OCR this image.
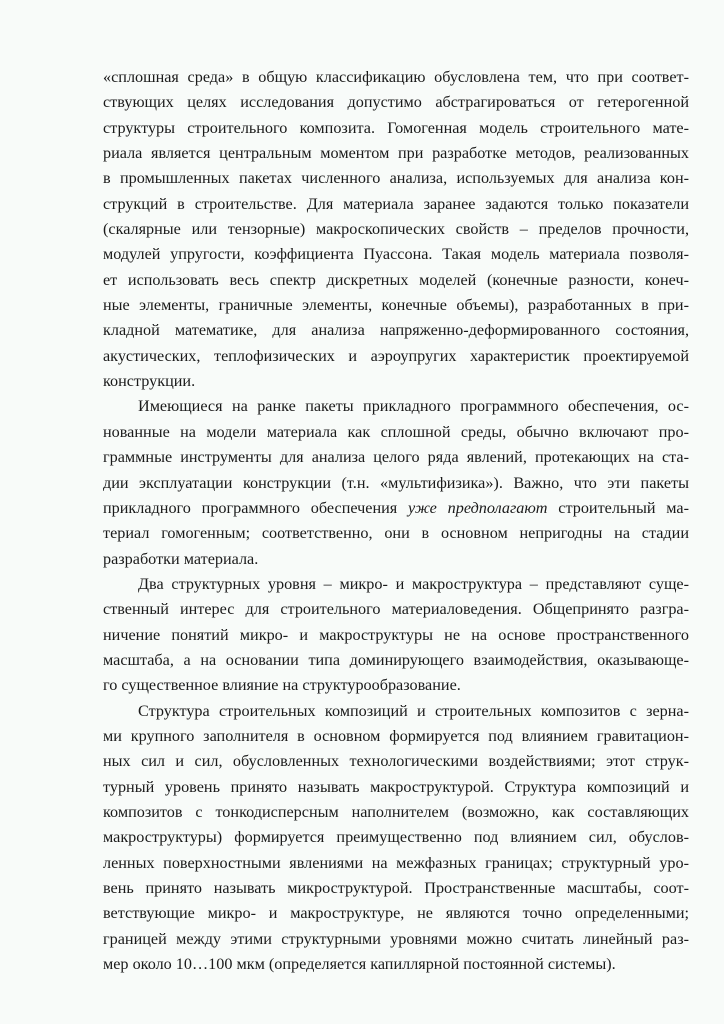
«сплошная среда» в общую классификацию обусловлена тем, что при соответ-
ствующих целях исследования допустимо абстрагироваться от гетерогенной
структуры строительного композита. Гомогенная модель строительного мате-
риала является центральным моментом при разработке методов, реализованных
в промышленных пакетах численного анализа, используемых для анализа кон-
струкций в строительстве. Для материала заранее задаются только показатели
(скалярные или тензорные) макроскопических свойств – пределов прочности,
модулей упругости, коэффициента Пуассона. Такая модель материала позволя-
ет использовать весь спектр дискретных моделей (конечные разности, конеч-
ные элементы, граничные элементы, конечные объемы), разработанных в при-
кладной математике, для анализа напряженно-деформированного состояния,
акустических, теплофизических и аэроупругих характеристик проектируемой
конструкции.
Имеющиеся на ранке пакеты прикладного программного обеспечения, ос-
нованные на модели материала как сплошной среды, обычно включают про-
граммные инструменты для анализа целого ряда явлений, протекающих на ста-
дии эксплуатации конструкции (т.н. «мультифизика»). Важно, что эти пакеты
прикладного программного обеспечения уже предполагают строительный ма-
териал гомогенным; соответственно, они в основном непригодны на стадии
разработки материала.
Два структурных уровня – микро- и макроструктура – представляют суще-
ственный интерес для строительного материаловедения. Общепринято разгра-
ничение понятий микро- и макроструктуры не на основе пространственного
масштаба, а на основании типа доминирующего взаимодействия, оказывающе-
го существенное влияние на структурообразование.
Структура строительных композиций и строительных композитов с зерна-
ми крупного заполнителя в основном формируется под влиянием гравитацион-
ных сил и сил, обусловленных технологическими воздействиями; этот струк-
турный уровень принято называть макроструктурой. Структура композиций и
композитов с тонкодисперсным наполнителем (возможно, как составляющих
макроструктуры) формируется преимущественно под влиянием сил, обуслов-
ленных поверхностными явлениями на межфазных границах; структурный уро-
вень принято называть микроструктурой. Пространственные масштабы, соот-
ветствующие микро- и макроструктуре, не являются точно определенными;
границей между этими структурными уровнями можно считать линейный раз-
мер около 10…100 мкм (определяется капиллярной постоянной системы).
